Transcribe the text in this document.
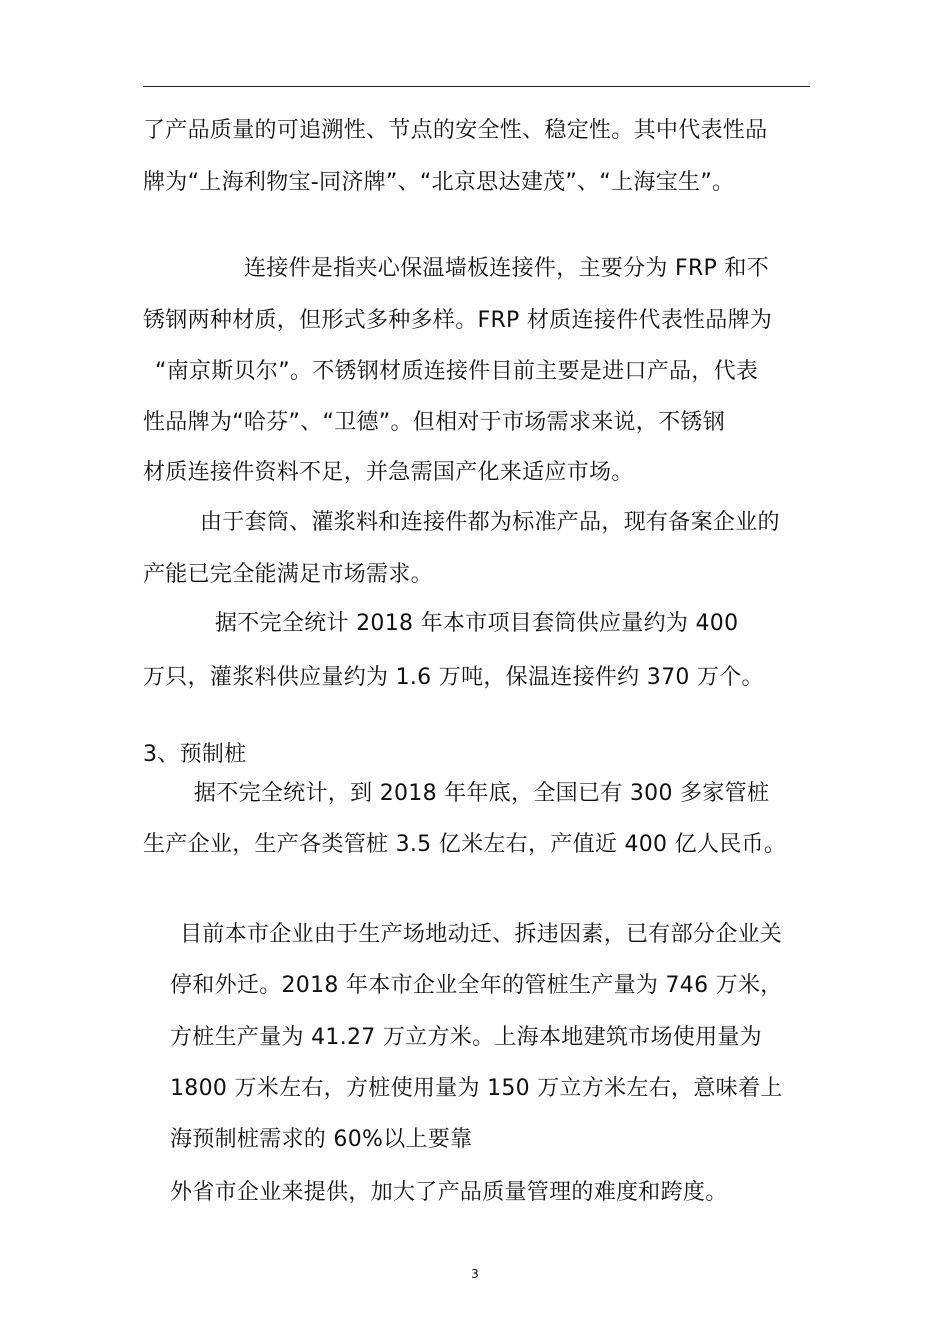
了产品质量的可追溯性、节点的安全性、稳定性。其中代表性品
牌为“上海利物宝-同济牌”、“北京思达建茂”、“上海宝生”。
连接件是指夹心保温墙板连接件，主要分为 FRP 和不
锈钢两种材质，但形式多种多样。FRP 材质连接件代表性品牌为
“南京斯贝尔”。不锈钢材质连接件目前主要是进口产品，代表
性品牌为“哈芬”、“卫德”。但相对于市场需求来说，不锈钢
材质连接件资料不足，并急需国产化来适应市场。
由于套筒、灌浆料和连接件都为标准产品，现有备案企业的
产能已完全能满足市场需求。
据不完全统计 2018 年本市项目套筒供应量约为 400
万只，灌浆料供应量约为 1.6 万吨，保温连接件约 370 万个。
3、预制桩
据不完全统计，到 2018 年年底，全国已有 300 多家管桩
生产企业，生产各类管桩 3.5 亿米左右，产值近 400 亿人民币。
目前本市企业由于生产场地动迁、拆违因素，已有部分企业关
停和外迁。2018 年本市企业全年的管桩生产量为 746 万米，
方桩生产量为 41.27 万立方米。上海本地建筑市场使用量为
1800 万米左右，方桩使用量为 150 万立方米左右，意味着上
海预制桩需求的 60%以上要靠
外省市企业来提供，加大了产品质量管理的难度和跨度。
3
